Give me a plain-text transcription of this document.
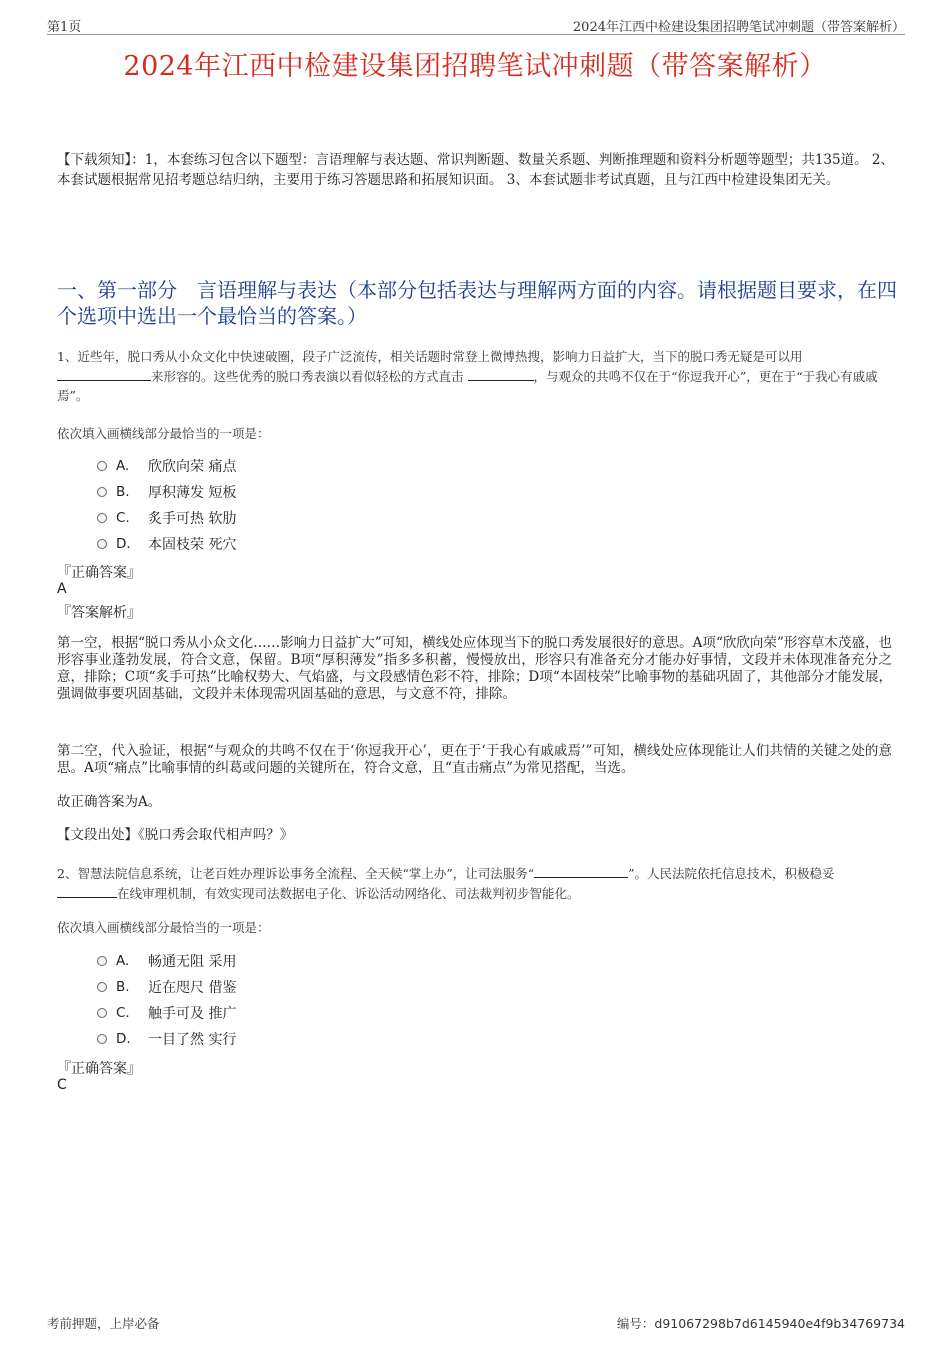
第1页	2024年江西中检建设集团招聘笔试冲刺题（带答案解析）
2024年江西中检建设集团招聘笔试冲刺题（带答案解析）
【下载须知】：1，本套练习包含以下题型：言语理解与表达题、常识判断题、数量关系题、判断推理题和资料分析题等题型；共135道。 2、本套试题根据常见招考题总结归纳，主要用于练习答题思路和拓展知识面。 3、本套试题非考试真题，且与江西中检建设集团无关。
一、第一部分　言语理解与表达（本部分包括表达与理解两方面的内容。请根据题目要求，在四个选项中选出一个最恰当的答案。）
1、近些年，脱口秀从小众文化中快速破圈，段子广泛流传，相关话题时常登上微博热搜，影响力日益扩大，当下的脱口秀无疑是可以用
来形容的。这些优秀的脱口秀表演以看似轻松的方式直击	，与观众的共鸣不仅在于“你逗我开心”，更在于“于我心有戚戚焉”。
依次填入画横线部分最恰当的一项是：
A.	欣欣向荣 痛点
B.	厚积薄发 短板
C.	炙手可热 软肋
D.	本固枝荣 死穴
『正确答案』
A
『答案解析』
第一空，根据“脱口秀从小众文化……影响力日益扩大”可知，横线处应体现当下的脱口秀发展很好的意思。A项“欣欣向荣”形容草木茂盛，也形容事业蓬勃发展，符合文意，保留。B项“厚积薄发”指多多积蓄，慢慢放出，形容只有准备充分才能办好事情，文段并未体现准备充分之意，排除；C项“炙手可热”比喻权势大、气焰盛，与文段感情色彩不符，排除；D项“本固枝荣”比喻事物的基础巩固了，其他部分才能发展，强调做事要巩固基础，文段并未体现需巩固基础的意思，与文意不符，排除。
第二空，代入验证，根据“与观众的共鸣不仅在于‘你逗我开心’，更在于‘于我心有戚戚焉’”可知，横线处应体现能让人们共情的关键之处的意思。A项“痛点”比喻事情的纠葛或问题的关键所在，符合文意，且“直击痛点”为常见搭配，当选。
故正确答案为A。
【文段出处】《脱口秀会取代相声吗？》
2、智慧法院信息系统，让老百姓办理诉讼事务全流程、全天候“掌上办”，让司法服务“	”。人民法院依托信息技术，积极稳妥
在线审理机制，有效实现司法数据电子化、诉讼活动网络化、司法裁判初步智能化。
依次填入画横线部分最恰当的一项是：
A.	畅通无阻 采用
B.	近在咫尺 借鉴
C.	触手可及 推广
D.	一目了然 实行
『正确答案』
C
考前押题，上岸必备	编号：d91067298b7d6145940e4f9b34769734
